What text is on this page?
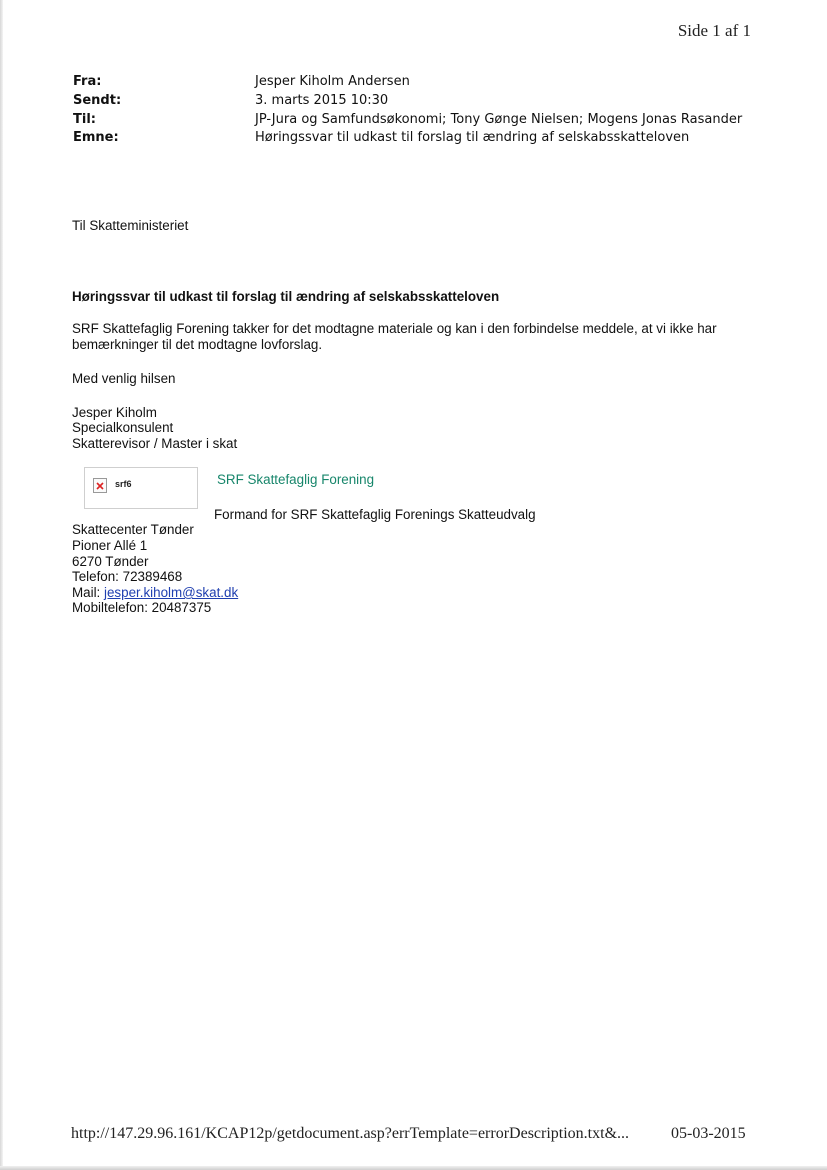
Side 1 af 1
Fra:	Jesper Kiholm Andersen
Sendt:	3. marts 2015 10:30
Til:	JP-Jura og Samfundsøkonomi; Tony Gønge Nielsen; Mogens Jonas Rasander
Emne:	Høringssvar til udkast til forslag til ændring af selskabsskatteloven
Til Skatteministeriet
Høringssvar til udkast til forslag til ændring af selskabsskatteloven
SRF Skattefaglig Forening takker for det modtagne materiale og kan i den forbindelse meddele, at vi ikke har
bemærkninger til det modtagne lovforslag.
Med venlig hilsen
Jesper Kiholm
Specialkonsulent
Skatterevisor / Master i skat
srf6	SRF Skattefaglig Forening
Formand for SRF Skattefaglig Forenings Skatteudvalg
Skattecenter Tønder
Pioner Allé 1
6270 Tønder
Telefon: 72389468
Mail: jesper.kiholm@skat.dk
Mobiltelefon: 20487375
http://147.29.96.161/KCAP12p/getdocument.asp?errTemplate=errorDescription.txt&...	05-03-2015
